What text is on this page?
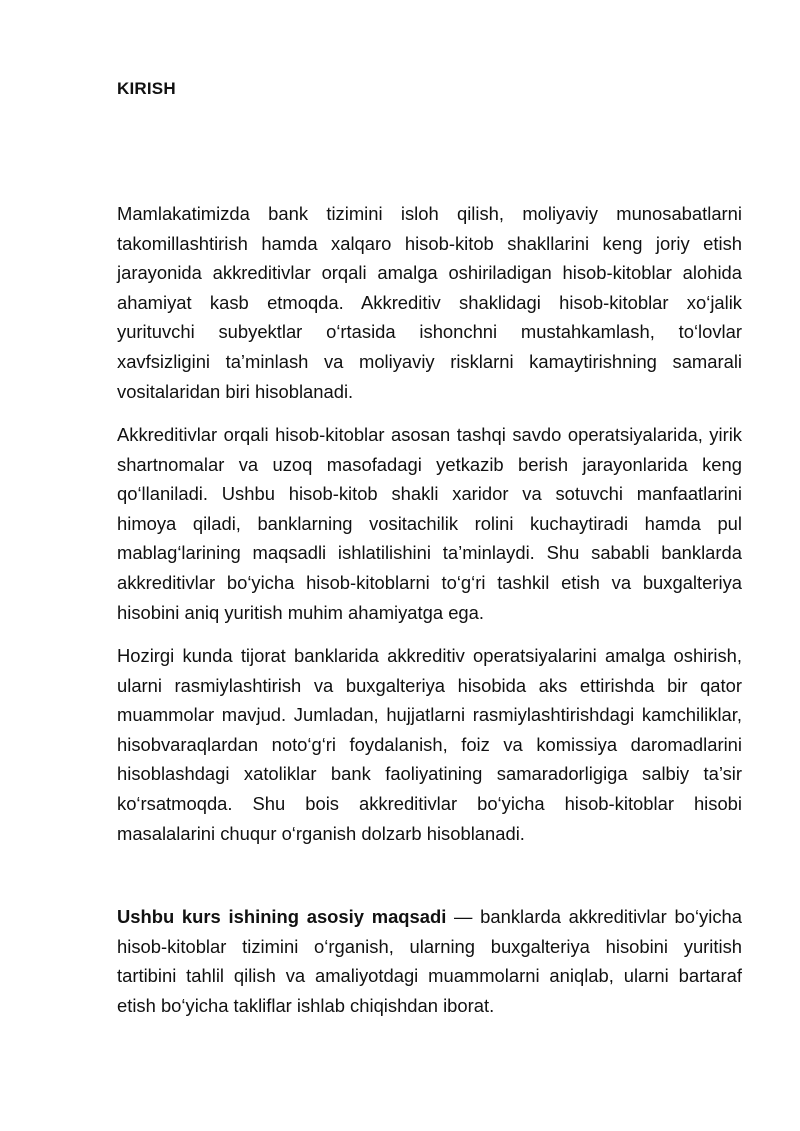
KIRISH

Mamlakatimizda bank tizimini isloh qilish, moliyaviy munosabatlarni takomillashtirish hamda xalqaro hisob-kitob shakllarini keng joriy etish jarayonida akkreditivlar orqali amalga oshiriladigan hisob-kitoblar alohida ahamiyat kasb etmoqda. Akkreditiv shaklidagi hisob-kitoblar xo‘jalik yurituvchi subyektlar o‘rtasida ishonchni mustahkamlash, to‘lovlar xavfsizligini ta’minlash va moliyaviy risklarni kamaytirishning samarali vositalaridan biri hisoblanadi.

Akkreditivlar orqali hisob-kitoblar asosan tashqi savdo operatsiyalarida, yirik shartnomalar va uzoq masofadagi yetkazib berish jarayonlarida keng qo‘llaniladi. Ushbu hisob-kitob shakli xaridor va sotuvchi manfaatlarini himoya qiladi, banklarning vositachilik rolini kuchaytiradi hamda pul mablag‘larining maqsadli ishlatilishini ta’minlaydi. Shu sababli banklarda akkreditivlar bo‘yicha hisob-kitoblarni to‘g‘ri tashkil etish va buxgalteriya hisobini aniq yuritish muhim ahamiyatga ega.

Hozirgi kunda tijorat banklarida akkreditiv operatsiyalarini amalga oshirish, ularni rasmiylashtirish va buxgalteriya hisobida aks ettirishda bir qator muammolar mavjud. Jumladan, hujjatlarni rasmiylashtirishdagi kamchiliklar, hisobvaraqlardan noto‘g‘ri foydalanish, foiz va komissiya daromadlarini hisoblashdagi xatoliklar bank faoliyatining samaradorligiga salbiy ta’sir ko‘rsatmoqda. Shu bois akkreditivlar bo‘yicha hisob-kitoblar hisobi masalalarini chuqur o‘rganish dolzarb hisoblanadi.

Ushbu kurs ishining asosiy maqsadi — banklarda akkreditivlar bo‘yicha hisob-kitoblar tizimini o‘rganish, ularning buxgalteriya hisobini yuritish tartibini tahlil qilish va amaliyotdagi muammolarni aniqlab, ularni bartaraf etish bo‘yicha takliflar ishlab chiqishdan iborat.
